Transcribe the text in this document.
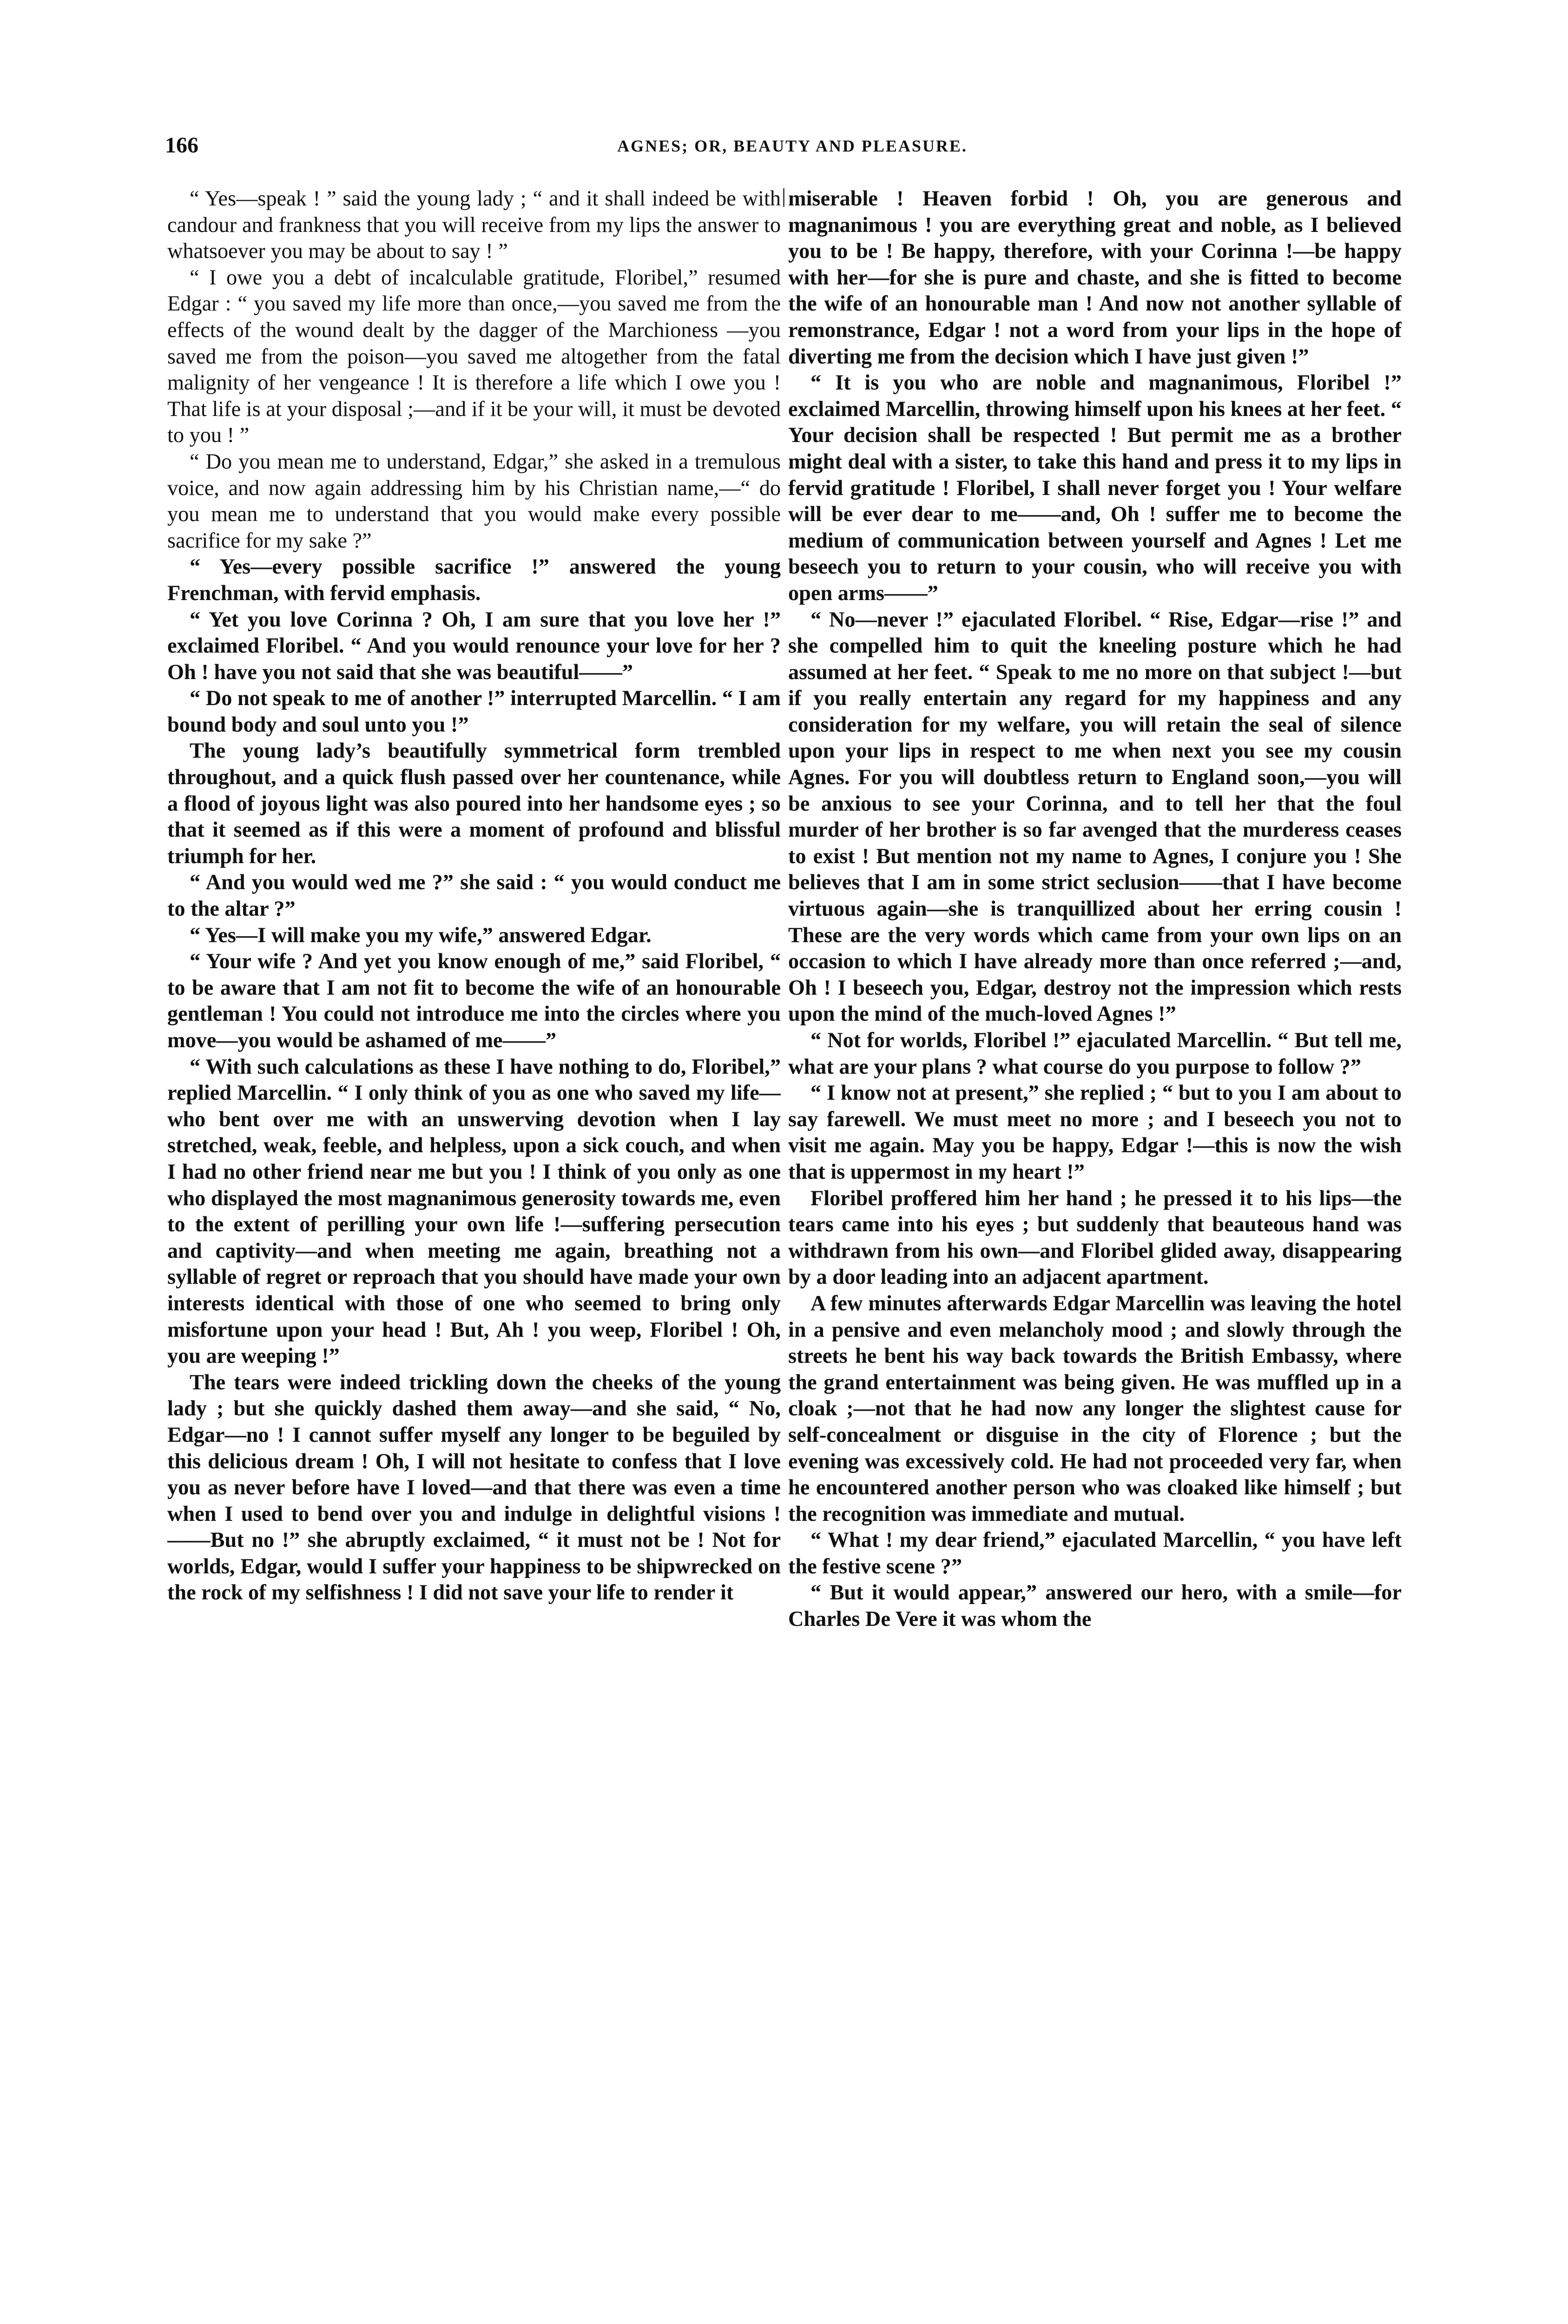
166	AGNES; OR, BEAUTY AND PLEASURE.

“ Yes—speak ! ” said the young lady ; “ and it shall indeed be with candour and frankness that you will receive from my lips the answer to whatsoever you may be about to say ! ”

“ I owe you a debt of incalculable gratitude, Floribel,” resumed Edgar : “ you saved my life more than once,—you saved me from the effects of the wound dealt by the dagger of the Marchioness —you saved me from the poison—you saved me altogether from the fatal malignity of her vengeance ! It is therefore a life which I owe you ! That life is at your disposal ;—and if it be your will, it must be devoted to you ! ”

“ Do you mean me to understand, Edgar,” she asked in a tremulous voice, and now again addressing him by his Christian name,—“ do you mean me to understand that you would make every possible sacrifice for my sake ?”

“ Yes—every possible sacrifice !” answered the young Frenchman, with fervid emphasis.

“ Yet you love Corinna ? Oh, I am sure that you love her !” exclaimed Floribel. “ And you would renounce your love for her ? Oh ! have you not said that she was beautiful——”

“ Do not speak to me of another !” interrupted Marcellin. “ I am bound body and soul unto you !”

The young lady’s beautifully symmetrical form trembled throughout, and a quick flush passed over her countenance, while a flood of joyous light was also poured into her handsome eyes ; so that it seemed as if this were a moment of profound and blissful triumph for her.

“ And you would wed me ?” she said : “ you would conduct me to the altar ?”

“ Yes—I will make you my wife,” answered Edgar.

“ Your wife ? And yet you know enough of me,” said Floribel, “ to be aware that I am not fit to become the wife of an honourable gentleman ! You could not introduce me into the circles where you move—you would be ashamed of me——”

“ With such calculations as these I have nothing to do, Floribel,” replied Marcellin. “ I only think of you as one who saved my life—who bent over me with an unswerving devotion when I lay stretched, weak, feeble, and helpless, upon a sick couch, and when I had no other friend near me but you ! I think of you only as one who displayed the most magnanimous generosity towards me, even to the extent of perilling your own life !—suffering persecution and captivity—and when meeting me again, breathing not a syllable of regret or reproach that you should have made your own interests identical with those of one who seemed to bring only misfortune upon your head ! But, Ah ! you weep, Floribel ! Oh, you are weeping !”

The tears were indeed trickling down the cheeks of the young lady ; but she quickly dashed them away—and she said, “ No, Edgar—no ! I cannot suffer myself any longer to be beguiled by this delicious dream ! Oh, I will not hesitate to confess that I love you as never before have I loved—and that there was even a time when I used to bend over you and indulge in delightful visions !——But no !” she abruptly exclaimed, “ it must not be ! Not for worlds, Edgar, would I suffer your happiness to be shipwrecked on the rock of my selfishness ! I did not save your life to render it

miserable ! Heaven forbid ! Oh, you are generous and magnanimous ! you are everything great and noble, as I believed you to be ! Be happy, therefore, with your Corinna !—be happy with her—for she is pure and chaste, and she is fitted to become the wife of an honourable man ! And now not another syllable of remonstrance, Edgar ! not a word from your lips in the hope of diverting me from the decision which I have just given !”

“ It is you who are noble and magnanimous, Floribel !” exclaimed Marcellin, throwing himself upon his knees at her feet. “ Your decision shall be respected ! But permit me as a brother might deal with a sister, to take this hand and press it to my lips in fervid gratitude ! Floribel, I shall never forget you ! Your welfare will be ever dear to me——and, Oh ! suffer me to become the medium of communication between yourself and Agnes ! Let me beseech you to return to your cousin, who will receive you with open arms——”

“ No—never !” ejaculated Floribel. “ Rise, Edgar—rise !” and she compelled him to quit the kneeling posture which he had assumed at her feet. “ Speak to me no more on that subject !—but if you really entertain any regard for my happiness and any consideration for my welfare, you will retain the seal of silence upon your lips in respect to me when next you see my cousin Agnes. For you will doubtless return to England soon,—you will be anxious to see your Corinna, and to tell her that the foul murder of her brother is so far avenged that the murderess ceases to exist ! But mention not my name to Agnes, I conjure you ! She believes that I am in some strict seclusion——that I have become virtuous again—she is tranquillized about her erring cousin ! These are the very words which came from your own lips on an occasion to which I have already more than once referred ;—and, Oh ! I beseech you, Edgar, destroy not the impression which rests upon the mind of the much-loved Agnes !”

“ Not for worlds, Floribel !” ejaculated Marcellin. “ But tell me, what are your plans ? what course do you purpose to follow ?”

“ I know not at present,” she replied ; “ but to you I am about to say farewell. We must meet no more ; and I beseech you not to visit me again. May you be happy, Edgar !—this is now the wish that is uppermost in my heart !”

Floribel proffered him her hand ; he pressed it to his lips—the tears came into his eyes ; but suddenly that beauteous hand was withdrawn from his own—and Floribel glided away, disappearing by a door leading into an adjacent apartment.

A few minutes afterwards Edgar Marcellin was leaving the hotel in a pensive and even melancholy mood ; and slowly through the streets he bent his way back towards the British Embassy, where the grand entertainment was being given. He was muffled up in a cloak ;—not that he had now any longer the slightest cause for self-concealment or disguise in the city of Florence ; but the evening was excessively cold. He had not proceeded very far, when he encountered another person who was cloaked like himself ; but the recognition was immediate and mutual.

“ What ! my dear friend,” ejaculated Marcellin, “ you have left the festive scene ?”

“ But it would appear,” answered our hero, with a smile—for Charles De Vere it was whom the
